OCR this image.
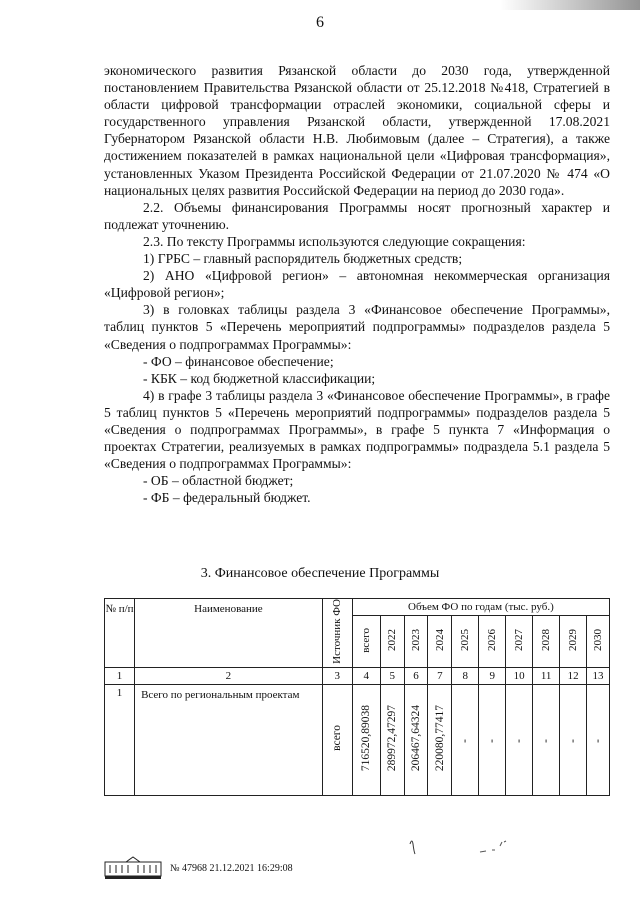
6

экономического развития Рязанской области до 2030 года, утвержденной постановлением Правительства Рязанской области от 25.12.2018 №418, Стратегией в области цифровой трансформации отраслей экономики, социальной сферы и государственного управления Рязанской области, утвержденной 17.08.2021 Губернатором Рязанской области Н.В. Любимовым (далее – Стратегия), а также достижением показателей в рамках национальной цели «Цифровая трансформация», установленных Указом Президента Российской Федерации от 21.07.2020 № 474 «О национальных целях развития Российской Федерации на период до 2030 года».

2.2. Объемы финансирования Программы носят прогнозный характер и подлежат уточнению.

2.3. По тексту Программы используются следующие сокращения:

1) ГРБС – главный распорядитель бюджетных средств;

2) АНО «Цифровой регион» – автономная некоммерческая организация «Цифровой регион»;

3) в головках таблицы раздела 3 «Финансовое обеспечение Программы», таблиц пунктов 5 «Перечень мероприятий подпрограммы» подразделов раздела 5 «Сведения о подпрограммах Программы»:

- ФО – финансовое обеспечение;

- КБК – код бюджетной классификации;

4) в графе 3 таблицы раздела 3 «Финансовое обеспечение Программы», в графе 5 таблиц пунктов 5 «Перечень мероприятий подпрограммы» подразделов раздела 5 «Сведения о подпрограммах Программы», в графе 5 пункта 7 «Информация о проектах Стратегии, реализуемых в рамках подпрограммы» подраздела 5.1 раздела 5 «Сведения о подпрограммах Программы»:

- ОБ – областной бюджет;

- ФБ – федеральный бюджет.

3. Финансовое обеспечение Программы
№ п/п	Наименование	Источник ФО	Объем ФО по годам (тыс. руб.)									
			всего	2022	2023	2024	2025	2026	2027	2028	2029	2030
1	2	3	4	5	6	7	8	9	10	11	12	13
1	Всего по региональным проектам	всего	716520,89038	289972,47297	206467,64324	220080,77417	-	-	-	-	-	-
№ 47968 21.12.2021 16:29:08
